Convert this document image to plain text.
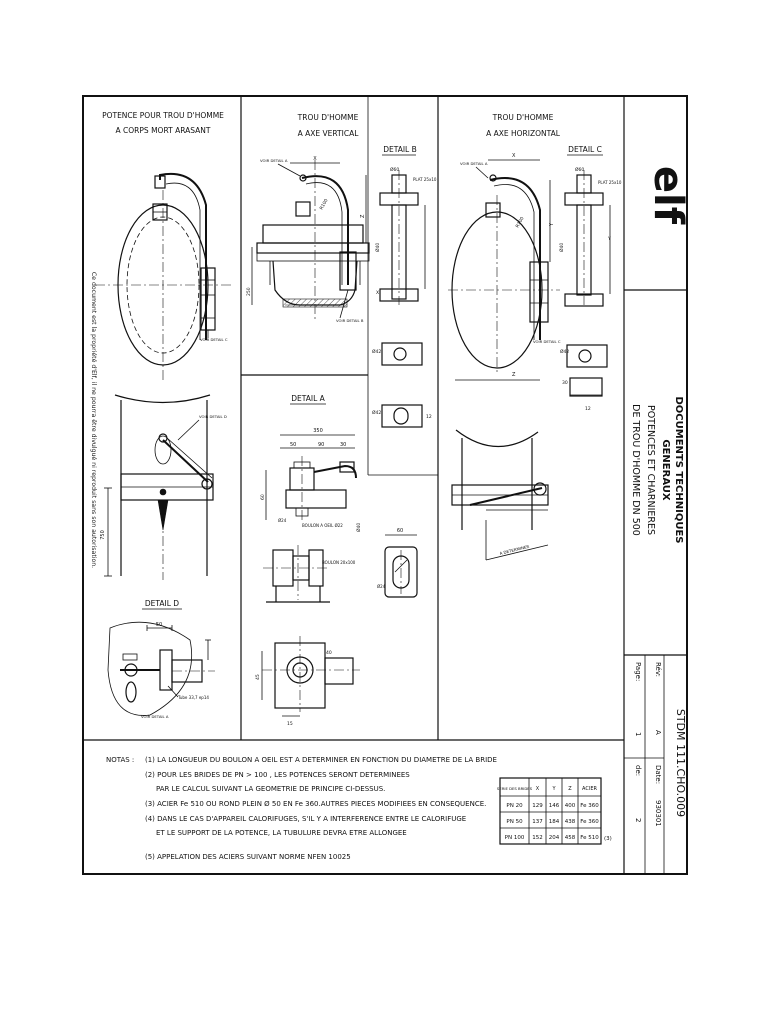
POTENCE POUR TROU D'HOMME
A CORPS MORT ARASANT
VOIR DETAIL C
VOIR DETAIL D
750
DETAIL D
50
Tube 33,7 ep14
VOIR DETAIL A
TROU D'HOMME
A AXE VERTICAL
X
Z
250
R100
VOIR DETAIL A
VOIR DETAIL B
DETAIL B
Ø60
PLAT 25x10
Ø40
X
Ø42
Ø42
12
DETAIL A
350
50	90	30
Ø24
BOULON A OEIL Ø22	Ø40
60
BOULON 20x100
60
Ø24
45
15
40
TROU D'HOMME
A AXE HORIZONTAL
X
R100	Y
VOIR DETAIL A
VOIR DETAIL C
Z
A DETERMINER
DETAIL C
Ø60
PLAT 25x10
Ø40
Y
Ø42
30
12
Ce document est la propriété d'Elf, il ne pourra être divulgué ni reproduit sans son autorisation.
NOTAS : (1) LA LONGUEUR DU BOULON A OEIL EST A DETERMINER EN FONCTION DU DIAMETRE DE LA BRIDE
(2) POUR LES BRIDES DE PN > 100 , LES POTENCES SERONT DETERMINEES
PAR LE CALCUL SUIVANT LA GEOMETRIE DE PRINCIPE CI-DESSUS.
(3) ACIER Fe 510 OU ROND PLEIN Ø 50 EN Fe 360.AUTRES PIECES MODIFIEES EN CONSEQUENCE.
(4) DANS LE CAS D'APPAREIL CALORIFUGES, S'IL Y A INTERFERENCE ENTRE LE CALORIFUGE
ET LE SUPPORT DE LA POTENCE, LA TUBULURE DEVRA ETRE ALLONGEE
(5) APPELATION DES ACIERS SUIVANT NORME NFEN 10025
SERIE DES BRIDES X	Y	Z ACIER
PN 20 129 146 400 Fe 360
PN 50 137 184 438 Fe 360
PN 100 152 204 458 Fe 510 (3)
elf
DOCUMENTS TECHNIQUES
GENERAUX
POTENCES ET CHARNIERES
DE TROU D'HOMME DN 500
STDM 111.CHO.009
Rév:
A
Date:
930301
Page:
1
de:
2
